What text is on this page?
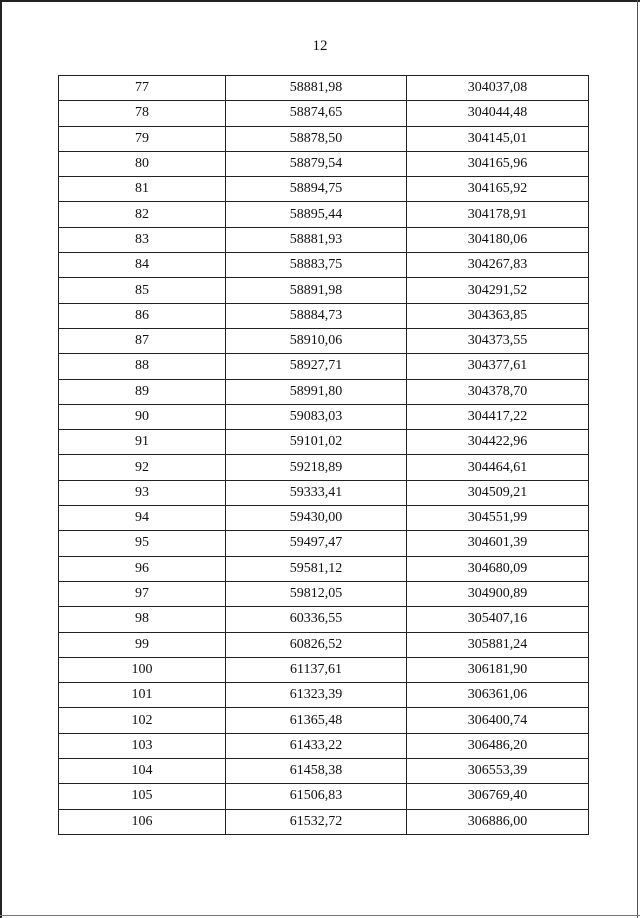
12
77	58881,98	304037,08
78	58874,65	304044,48
79	58878,50	304145,01
80	58879,54	304165,96
81	58894,75	304165,92
82	58895,44	304178,91
83	58881,93	304180,06
84	58883,75	304267,83
85	58891,98	304291,52
86	58884,73	304363,85
87	58910,06	304373,55
88	58927,71	304377,61
89	58991,80	304378,70
90	59083,03	304417,22
91	59101,02	304422,96
92	59218,89	304464,61
93	59333,41	304509,21
94	59430,00	304551,99
95	59497,47	304601,39
96	59581,12	304680,09
97	59812,05	304900,89
98	60336,55	305407,16
99	60826,52	305881,24
100	61137,61	306181,90
101	61323,39	306361,06
102	61365,48	306400,74
103	61433,22	306486,20
104	61458,38	306553,39
105	61506,83	306769,40
106	61532,72	306886,00
